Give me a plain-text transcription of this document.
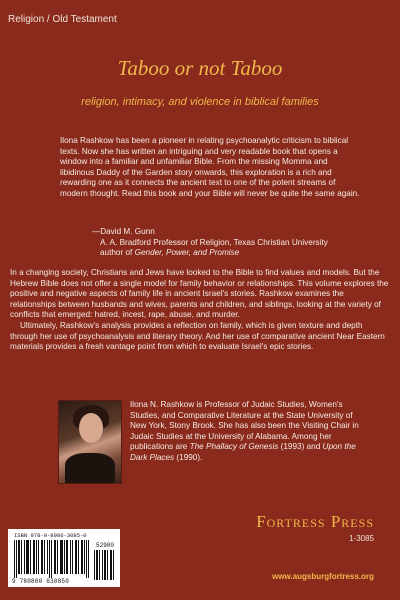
Religion / Old Testament
Taboo or not Taboo
religion, intimacy, and violence in biblical families

Ilona Rashkow has been a pioneer in relating psychoanalytic criticism to biblical texts. Now she has written an intriguing and very readable book that opens a window into a familiar and unfamiliar Bible. From the missing Momma and libidinous Daddy of the Garden story onwards, this exploration is a rich and rewarding one as it connects the ancient text to one of the potent streams of modern thought. Read this book and your Bible will never be quite the same again.

—David M. Gunn
A. A. Bradford Professor of Religion, Texas Christian University
author of Gender, Power, and Promise

In a changing society, Christians and Jews have looked to the Bible to find values and models. But the Hebrew Bible does not offer a single model for family behavior or relationships. This volume explores the positive and negative aspects of family life in ancient Israel's stories. Rashkow examines the relationships between husbands and wives, parents and children, and siblings, looking at the variety of conflicts that emerged: hatred, incest, rape, abuse, and murder.

Ultimately, Rashkow's analysis provides a reflection on family, which is given texture and depth through her use of psychoanalysis and literary theory. And her use of comparative ancient Near Eastern materials provides a fresh vantage point from which to evaluate Israel's epic stories.

Ilona N. Rashkow is Professor of Judaic Studies, Women's Studies, and Comparative Literature at the State University of New York, Stony Brook. She has also been the Visiting Chair in Judaic Studies at the University of Alabama. Among her publications are The Phallacy of Genesis (1993) and Upon the Dark Places (1990).
ISBN 978-0-8006-3085-0
52900
9 780800 630850
Fortress Press
1-3085
www.augsburgfortress.org
